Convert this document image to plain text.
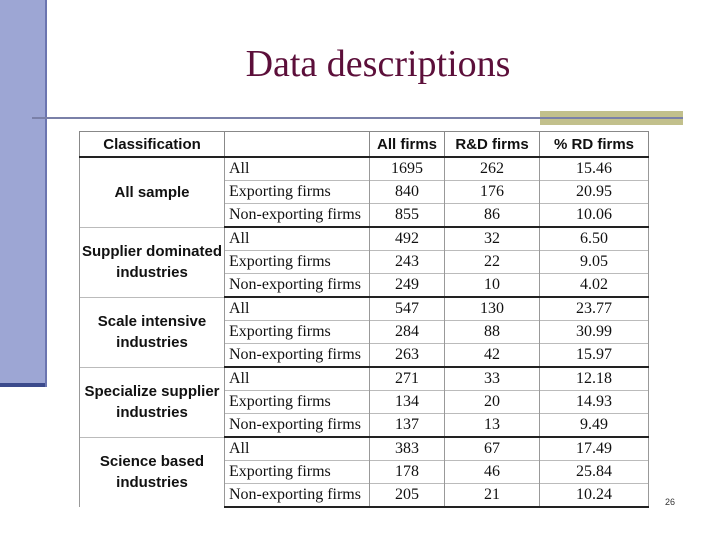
Data descriptions
Classification		All firms	R&D firms	% RD firms
All sample	All	1695	262	15.46
	Exporting firms	840	176	20.95
	Non-exporting firms	855	86	10.06
Supplier dominated industries	All	492	32	6.50
	Exporting firms	243	22	9.05
	Non-exporting firms	249	10	4.02
Scale intensive industries	All	547	130	23.77
	Exporting firms	284	88	30.99
	Non-exporting firms	263	42	15.97
Specialize supplier industries	All	271	33	12.18
	Exporting firms	134	20	14.93
	Non-exporting firms	137	13	9.49
Science based industries	All	383	67	17.49
	Exporting firms	178	46	25.84
	Non-exporting firms	205	21	10.24	26
